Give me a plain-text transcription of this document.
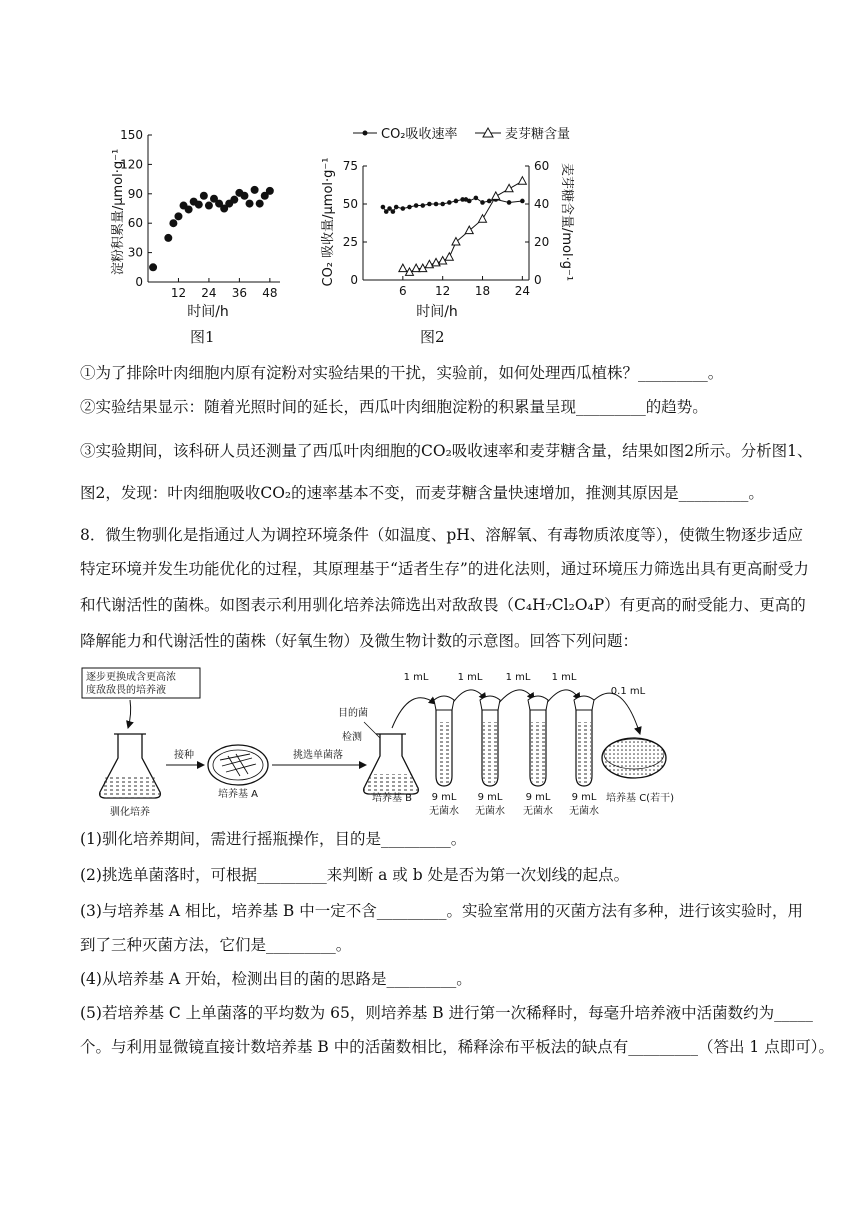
0
30
60
90
120
150
12 24 36 48
淀粉积累量/μmol·g⁻¹
时间/h
图1
CO₂吸收速率	麦芽糖含量
0
25
50
75
0
20
40
60
6 12 18 24
CO₂ 吸收量/μmol·g⁻¹	麦芽糖含量/mol·g⁻¹
时间/h
图2
①为了排除叶肉细胞内原有淀粉对实验结果的干扰，实验前，如何处理西瓜植株？_________。
②实验结果显示：随着光照时间的延长，西瓜叶肉细胞淀粉的积累量呈现_________的趋势。
③实验期间，该科研人员还测量了西瓜叶肉细胞的CO₂吸收速率和麦芽糖含量，结果如图2所示。分析图1、
图2，发现：叶肉细胞吸收CO₂的速率基本不变，而麦芽糖含量快速增加，推测其原因是_________。
8．微生物驯化是指通过人为调控环境条件（如温度、pH、溶解氧、有毒物质浓度等），使微生物逐步适应
特定环境并发生功能优化的过程，其原理基于“适者生存”的进化法则，通过环境压力筛选出具有更高耐受力
和代谢活性的菌株。如图表示利用驯化培养法筛选出对敌敌畏（C₄H₇Cl₂O₄P）有更高的耐受能力、更高的
降解能力和代谢活性的菌株（好氧生物）及微生物计数的示意图。回答下列问题：
逐步更换成含更高浓
度敌敌畏的培养液
驯化培养
接种
培养基 A
挑选单菌落
目的菌
检测
培养基 B
1 mL	1 mL 1 mL 1 mL
0.1 mL
9 mL
无菌水
9 mL
无菌水
9 mL
无菌水
9 mL
无菌水
培养基 C(若干)
(1)驯化培养期间，需进行摇瓶操作，目的是_________。
(2)挑选单菌落时，可根据_________来判断 a 或 b 处是否为第一次划线的起点。
(3)与培养基 A 相比，培养基 B 中一定不含_________。实验室常用的灭菌方法有多种，进行该实验时，用
到了三种灭菌方法，它们是_________。
(4)从培养基 A 开始，检测出目的菌的思路是_________。
(5)若培养基 C 上单菌落的平均数为 65，则培养基 B 进行第一次稀释时，每毫升培养液中活菌数约为_____
个。与利用显微镜直接计数培养基 B 中的活菌数相比，稀释涂布平板法的缺点有_________（答出 1 点即可）。
